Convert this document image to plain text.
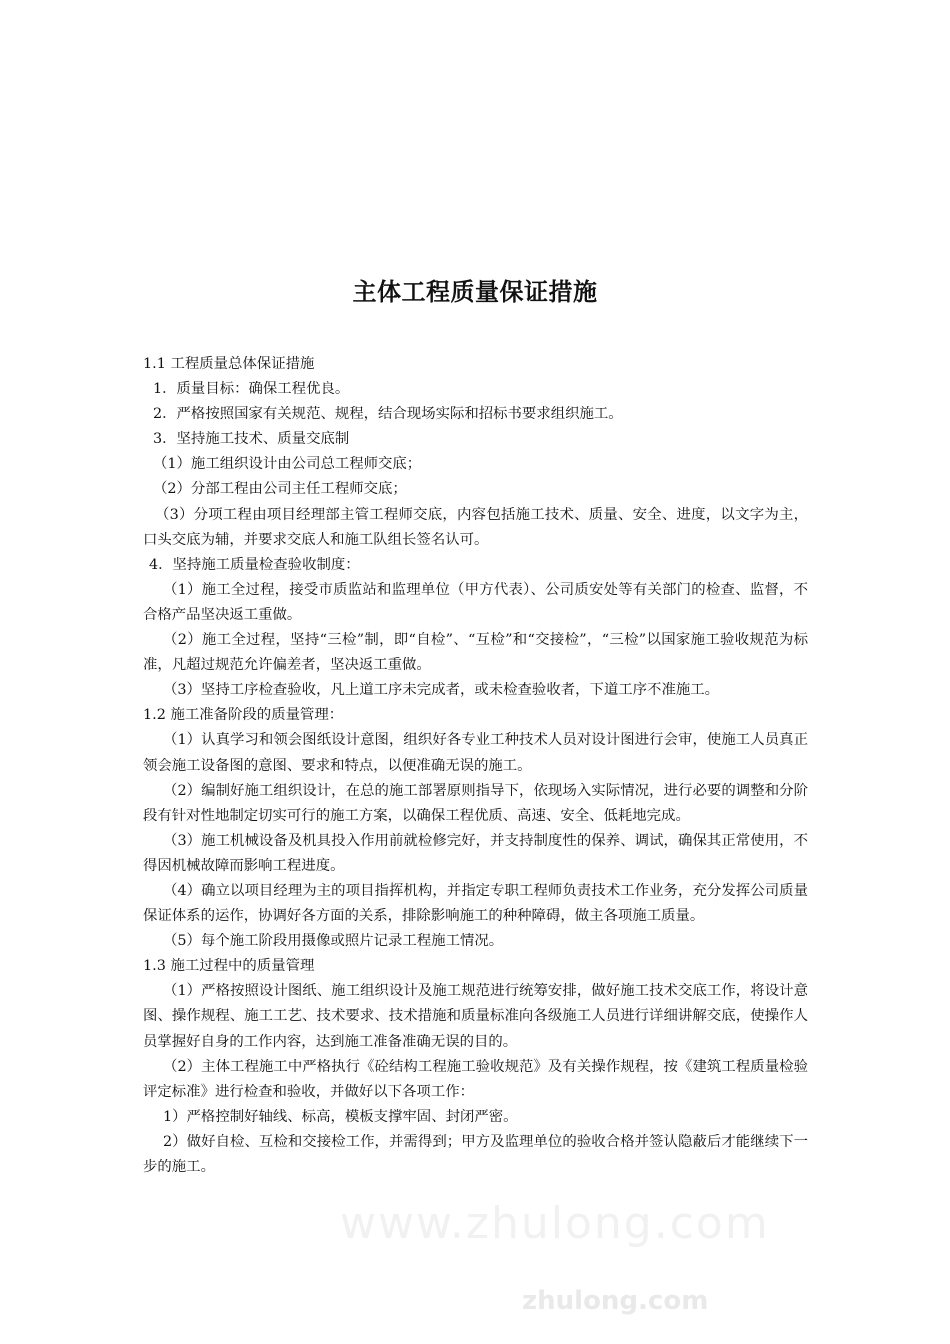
www.zhulong.com
zhulong.com
主体工程质量保证措施

1.1 工程质量总体保证措施

1．质量目标：确保工程优良。

2．严格按照国家有关规范、规程，结合现场实际和招标书要求组织施工。

3．坚持施工技术、质量交底制

（1）施工组织设计由公司总工程师交底；

（2）分部工程由公司主任工程师交底；

（3）分项工程由项目经理部主管工程师交底，内容包括施工技术、质量、安全、进度，以文字为主，口头交底为辅，并要求交底人和施工队组长签名认可。

4．坚持施工质量检查验收制度：

（1）施工全过程，接受市质监站和监理单位（甲方代表）、公司质安处等有关部门的检查、监督，不合格产品坚决返工重做。

（2）施工全过程，坚持“三检”制，即“自检”、“互检”和“交接检”，“三检”以国家施工验收规范为标准，凡超过规范允许偏差者，坚决返工重做。

（3）坚持工序检查验收，凡上道工序未完成者，或未检查验收者，下道工序不准施工。

1.2 施工准备阶段的质量管理：

（1）认真学习和领会图纸设计意图，组织好各专业工种技术人员对设计图进行会审，使施工人员真正领会施工设备图的意图、要求和特点，以便准确无误的施工。

（2）编制好施工组织设计，在总的施工部署原则指导下，依现场入实际情况，进行必要的调整和分阶段有针对性地制定切实可行的施工方案，以确保工程优质、高速、安全、低耗地完成。

（3）施工机械设备及机具投入作用前就检修完好，并支持制度性的保养、调试，确保其正常使用，不得因机械故障而影响工程进度。

（4）确立以项目经理为主的项目指挥机构，并指定专职工程师负责技术工作业务，充分发挥公司质量保证体系的运作，协调好各方面的关系，排除影响施工的种种障碍，做主各项施工质量。

（5）每个施工阶段用摄像或照片记录工程施工情况。

1.3 施工过程中的质量管理

（1）严格按照设计图纸、施工组织设计及施工规范进行统筹安排，做好施工技术交底工作，将设计意图、操作规程、施工工艺、技术要求、技术措施和质量标准向各级施工人员进行详细讲解交底，使操作人员掌握好自身的工作内容，达到施工准备准确无误的目的。

（2）主体工程施工中严格执行《砼结构工程施工验收规范》及有关操作规程，按《建筑工程质量检验评定标准》进行检查和验收，并做好以下各项工作：

1）严格控制好轴线、标高，模板支撑牢固、封闭严密。

2）做好自检、互检和交接检工作，并需得到；甲方及监理单位的验收合格并签认隐蔽后才能继续下一步的施工。
